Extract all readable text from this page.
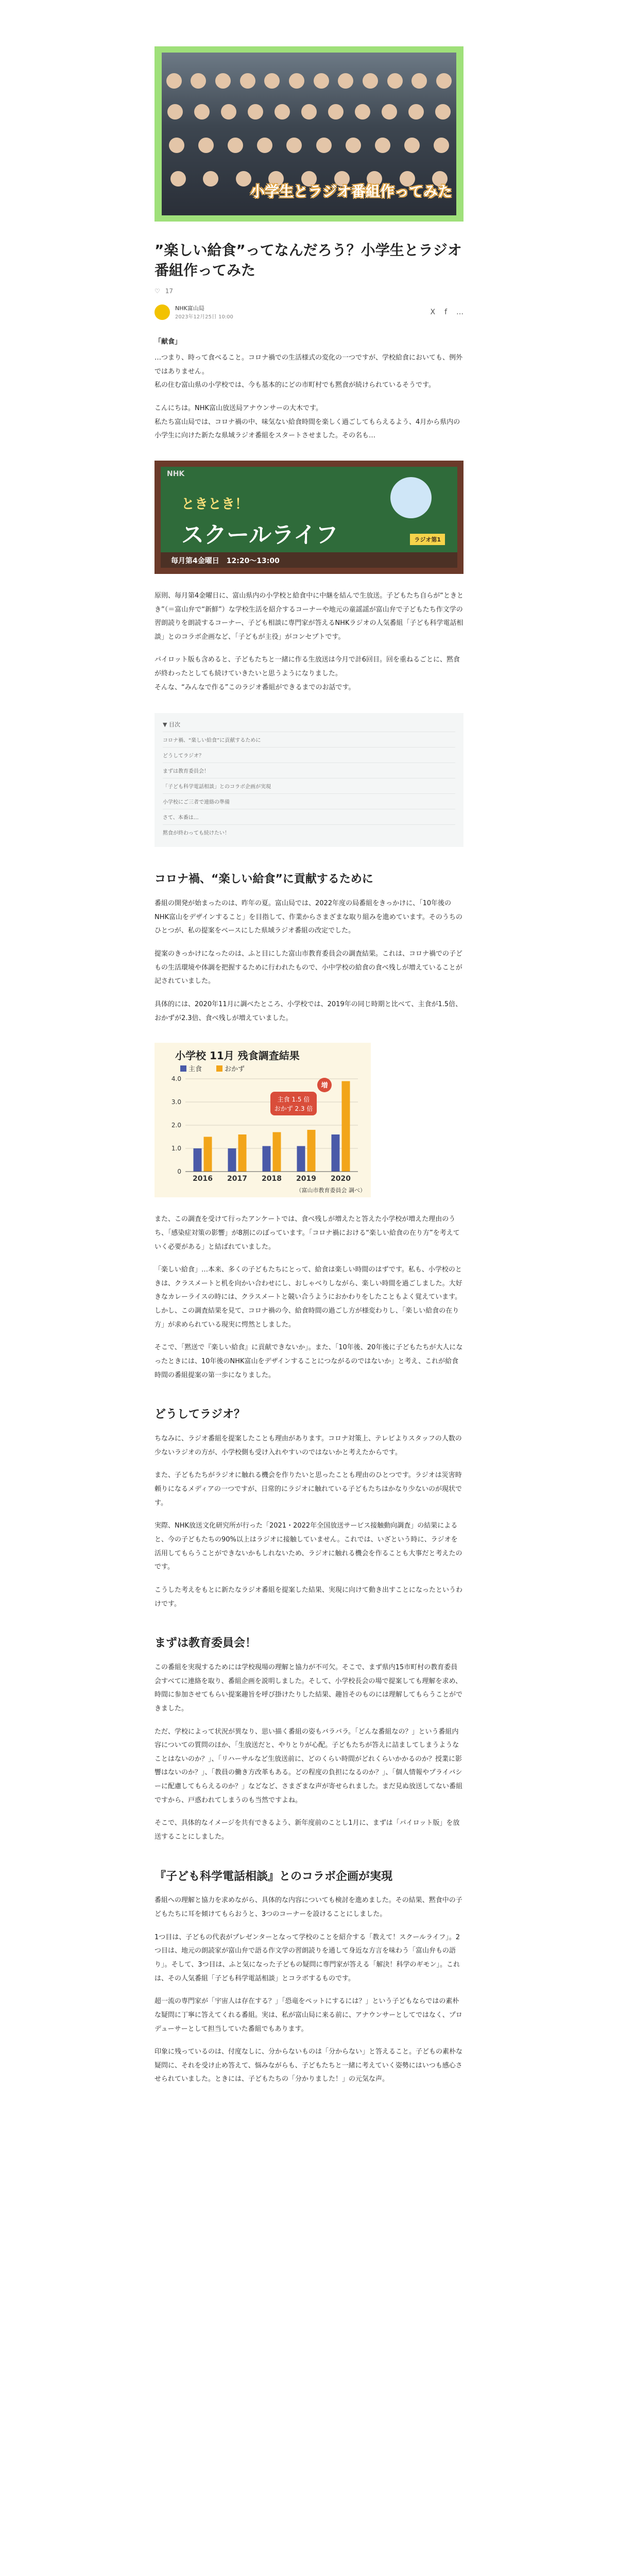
小学生とラジオ番組作ってみた
”楽しい給食”ってなんだろう？小学生とラジオ番組作ってみた
♡ 17
NHK富山局
2023年12月25日 10:00
X f …

「献食」

…つまり、時って食べること。コロナ禍での生活様式の変化の一つですが、学校給食においても、例外ではありません。

私の住む富山県の小学校では、今も基本的にどの市町村でも黙食が続けられているそうです。

こんにちは。NHK富山放送局アナウンサーの大木です。

私たち富山局では、コロナ禍の中、味気ない給食時間を楽しく過ごしてもらえるよう、4月から県内の小学生に向けた新たな県域ラジオ番組をスタートさせました。その名も…

NHK
ときとき！
スクールライフ	ラジオ第1
毎月第4金曜日　12:20～13:00

原則、毎月第4金曜日に、富山県内の小学校と給食中に中継を結んで生放送。子どもたち自らが“ときとき”（＝富山弁で“新鮮”）な学校生活を紹介するコーナーや地元の童謡謡が富山弁で子どもたち作文学の習朗読りを朗読するコーナー、子ども相談に専門家が答えるNHKラジオの人気番組「子ども科学電話相談」とのコラボ企画など、「子どもが主役」がコンセプトです。

パイロット版も含めると、子どもたちと一緒に作る生放送は今月で計6回目。回を重ねるごとに、黙食が終わったとしても続けていきたいと思うようになりました。

そんな、“みんなで作る”このラジオ番組ができるまでのお話です。

▼ 目次
コロナ禍、“楽しい給食”に貢献するために
どうしてラジオ？
まずは教育委員会！
「子ども科学電話相談」とのコラボ企画が実現
小学校にご三者で連絡の準備
さて、本番は…
黙食が終わっても続けたい！
コロナ禍、“楽しい給食”に貢献するために

番組の開発が始まったのは、昨年の夏。富山局では、2022年度の局番組をきっかけに、「10年後のNHK富山をデザインすること」を目指して、作業からさまざまな取り組みを進めています。そのうちのひとつが、私の提案をベースにした県域ラジオ番組の改定でした。

提案のきっかけになったのは、ふと目にした富山市教育委員会の調査結果。これは、コロナ禍での子どもの生活環境や体調を把握するために行われたもので、小中学校の給食の食べ残しが増えていることが記されていました。

具体的には、2020年11月に調べたところ、小学校では、2019年の同じ時期と比べて、主食が1.5倍、おかずが2.3倍、食べ残しが増えていました。

小学校 11月 残食調査結果
主食	おかず
0
1.0
2.0
3.0
4.0
2016 2017 2018 2019 2020
主食 1.5 倍
おかず 2.3 倍
増
（富山市教育委員会 調べ）

また、この調査を受けて行ったアンケートでは、食べ残しが増えたと答えた小学校が増えた理由のうち、「感染症対策の影響」が8割にのぼっています。「コロナ禍における“楽しい給食の在り方”を考えていく必要がある」と結ばれていました。

「楽しい給食」…本来、多くの子どもたちにとって、給食は楽しい時間のはずです。私も、小学校のときは、クラスメートと机を向かい合わせにし、おしゃべりしながら、楽しい時間を過ごしました。大好きなカレーライスの時には、クラスメートと競い合うようにおかわりをしたこともよく覚えています。

しかし、この調査結果を見て、コロナ禍の今、給食時間の過ごし方が様変わりし、「楽しい給食の在り方」が求められている現実に愕然としました。

そこで、「黙送で『楽しい給食』に貢献できないか」。また、「10年後、20年後に子どもたちが大人になったときには、10年後のNHK富山をデザインすることにつながるのではないか」と考え、これが給食時間の番組提案の第一歩になりました。

どうしてラジオ？

ちなみに、ラジオ番組を提案したことも理由があります。コロナ対策上、テレビよりスタッフの人数の少ないラジオの方が、小学校側も受け入れやすいのではないかと考えたからです。

また、子どもたちがラジオに触れる機会を作りたいと思ったことも理由のひとつです。ラジオは災害時頼りになるメディアの一つですが、日常的にラジオに触れている子どもたちはかなり少ないのが現状です。

実際、NHK放送文化研究所が行った「2021・2022年全国放送サービス接触動向調査」の結果によると、今の子どもたちの90%以上はラジオに接触していません。これでは、いざという時に、ラジオを活用してもらうことができないかもしれないため、ラジオに触れる機会を作ることも大事だと考えたのです。

こうした考えをもとに新たなラジオ番組を提案した結果、実現に向けて動き出すことになったというわけです。

まずは教育委員会！

この番組を実現するためには学校現場の理解と協力が不可欠。そこで、まず県内15市町村の教育委員会すべてに連絡を取り、番組企画を説明しました。そして、小学校長会の場で提案しても理解を求め、時間に参加させてもらい提案趣旨を呼び掛けたりした結果、趣旨そのものには理解してもらうことができました。

ただ、学校によって状況が異なり、思い描く番組の姿もバラバラ。「どんな番組なの？」という番組内容についての質問のほか、「生放送だと、やりとりが心配。子どもたちが答えに詰ましてしまうようなことはないのか？」、「リハーサルなど生放送前に、どのくらい時間がどれくらいかかるのか？授業に影響はないのか？」、「教員の働き方改革もある。どの程度の負担になるのか？」、「個人情報やプライバシーに配慮してもらえるのか？」などなど、さまざまな声が寄せられました。まだ見ぬ放送してない番組ですから、戸惑われてしまうのも当然ですよね。

そこで、具体的なイメージを共有できるよう、新年度前のことし1月に、まずは「パイロット版」を放送することにしました。

『子ども科学電話相談』とのコラボ企画が実現

番組への理解と協力を求めながら、具体的な内容についても検討を進めました。その結果、黙食中の子どもたちに耳を傾けてもらおうと、3つのコーナーを設けることにしました。

1つ目は、子どもの代表がプレゼンターとなって学校のことを紹介する「教えて！スクールライフ」。2つ目は、地元の朗読家が富山弁で語る作文学の習朗読りを通して身近な方言を味わう「富山弁もの語り」。そして、3つ目は、ふと気になった子どもの疑問に専門家が答える「解決！科学のギモン」。これは、その人気番組「子ども科学電話相談」とコラボするものです。

超一流の専門家が「宇宙人は存在する？」「恐竜をペットにするには？」という子どもならではの素朴な疑問に丁寧に答えてくれる番組。実は、私が富山局に来る前に、アナウンサーとしてではなく、プロデューサーとして担当していた番組でもあります。

印象に残っているのは、付度なしに、分からないものは「分からない」と答えること。子どもの素朴な疑問に、それを受け止め答えて、悩みながらも、子どもたちと一緒に考えていく姿勢にはいつも感心させられていました。ときには、子どもたちの「分かりました！」の元気な声。
